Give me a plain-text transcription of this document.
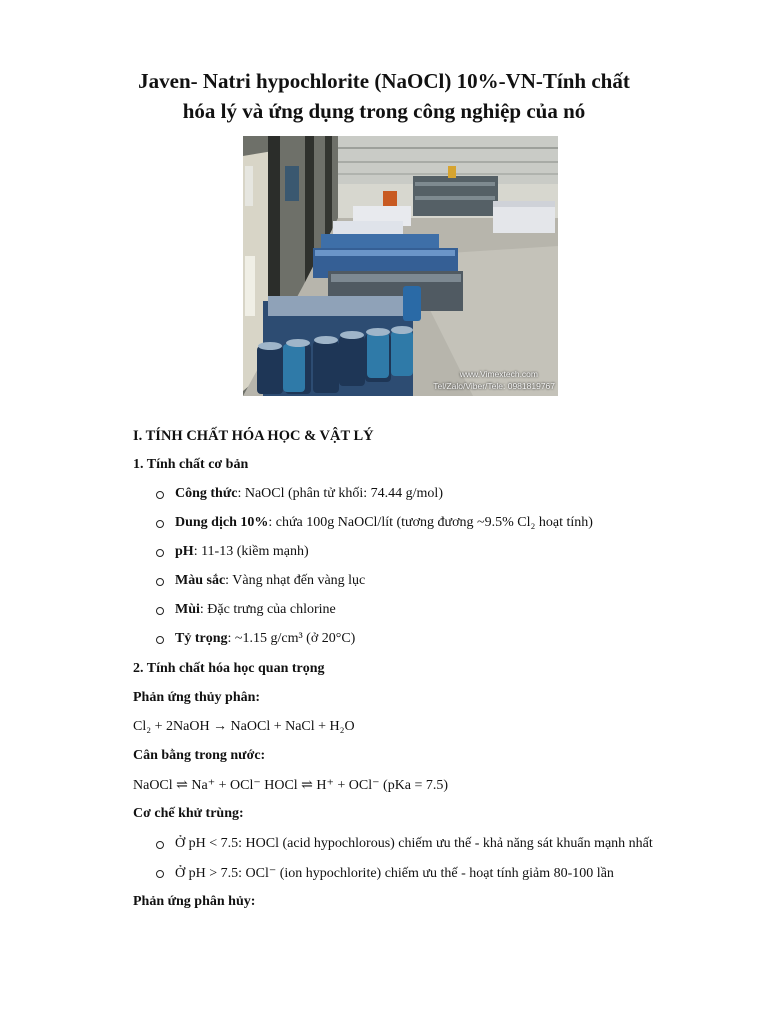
Javen- Natri hypochlorite (NaOCl) 10%-VN-Tính chất
hóa lý và ứng dụng trong công nghiệp của nó
www.Vimextech.com
Tel/Zalo/Viber/Tele: 0981819767
I. TÍNH CHẤT HÓA HỌC & VẬT LÝ
1. Tính chất cơ bản
Công thức: NaOCl (phân tử khối: 74.44 g/mol)
Dung dịch 10%: chứa 100g NaOCl/lít (tương đương ~9.5% Cl₂ hoạt tính)
pH: 11-13 (kiềm mạnh)
Màu sắc: Vàng nhạt đến vàng lục
Mùi: Đặc trưng của chlorine
Tỷ trọng: ~1.15 g/cm³ (ở 20°C)
2. Tính chất hóa học quan trọng
Phản ứng thủy phân:
Cl₂ + 2NaOH → NaOCl + NaCl + H₂O
Cân bằng trong nước:
NaOCl ⇌ Na⁺ + OCl⁻ HOCl ⇌ H⁺ + OCl⁻ (pKa = 7.5)
Cơ chế khử trùng:
Ở pH < 7.5: HOCl (acid hypochlorous) chiếm ưu thế - khả năng sát khuẩn mạnh nhất
Ở pH > 7.5: OCl⁻ (ion hypochlorite) chiếm ưu thế - hoạt tính giảm 80-100 lần
Phản ứng phân hủy:
